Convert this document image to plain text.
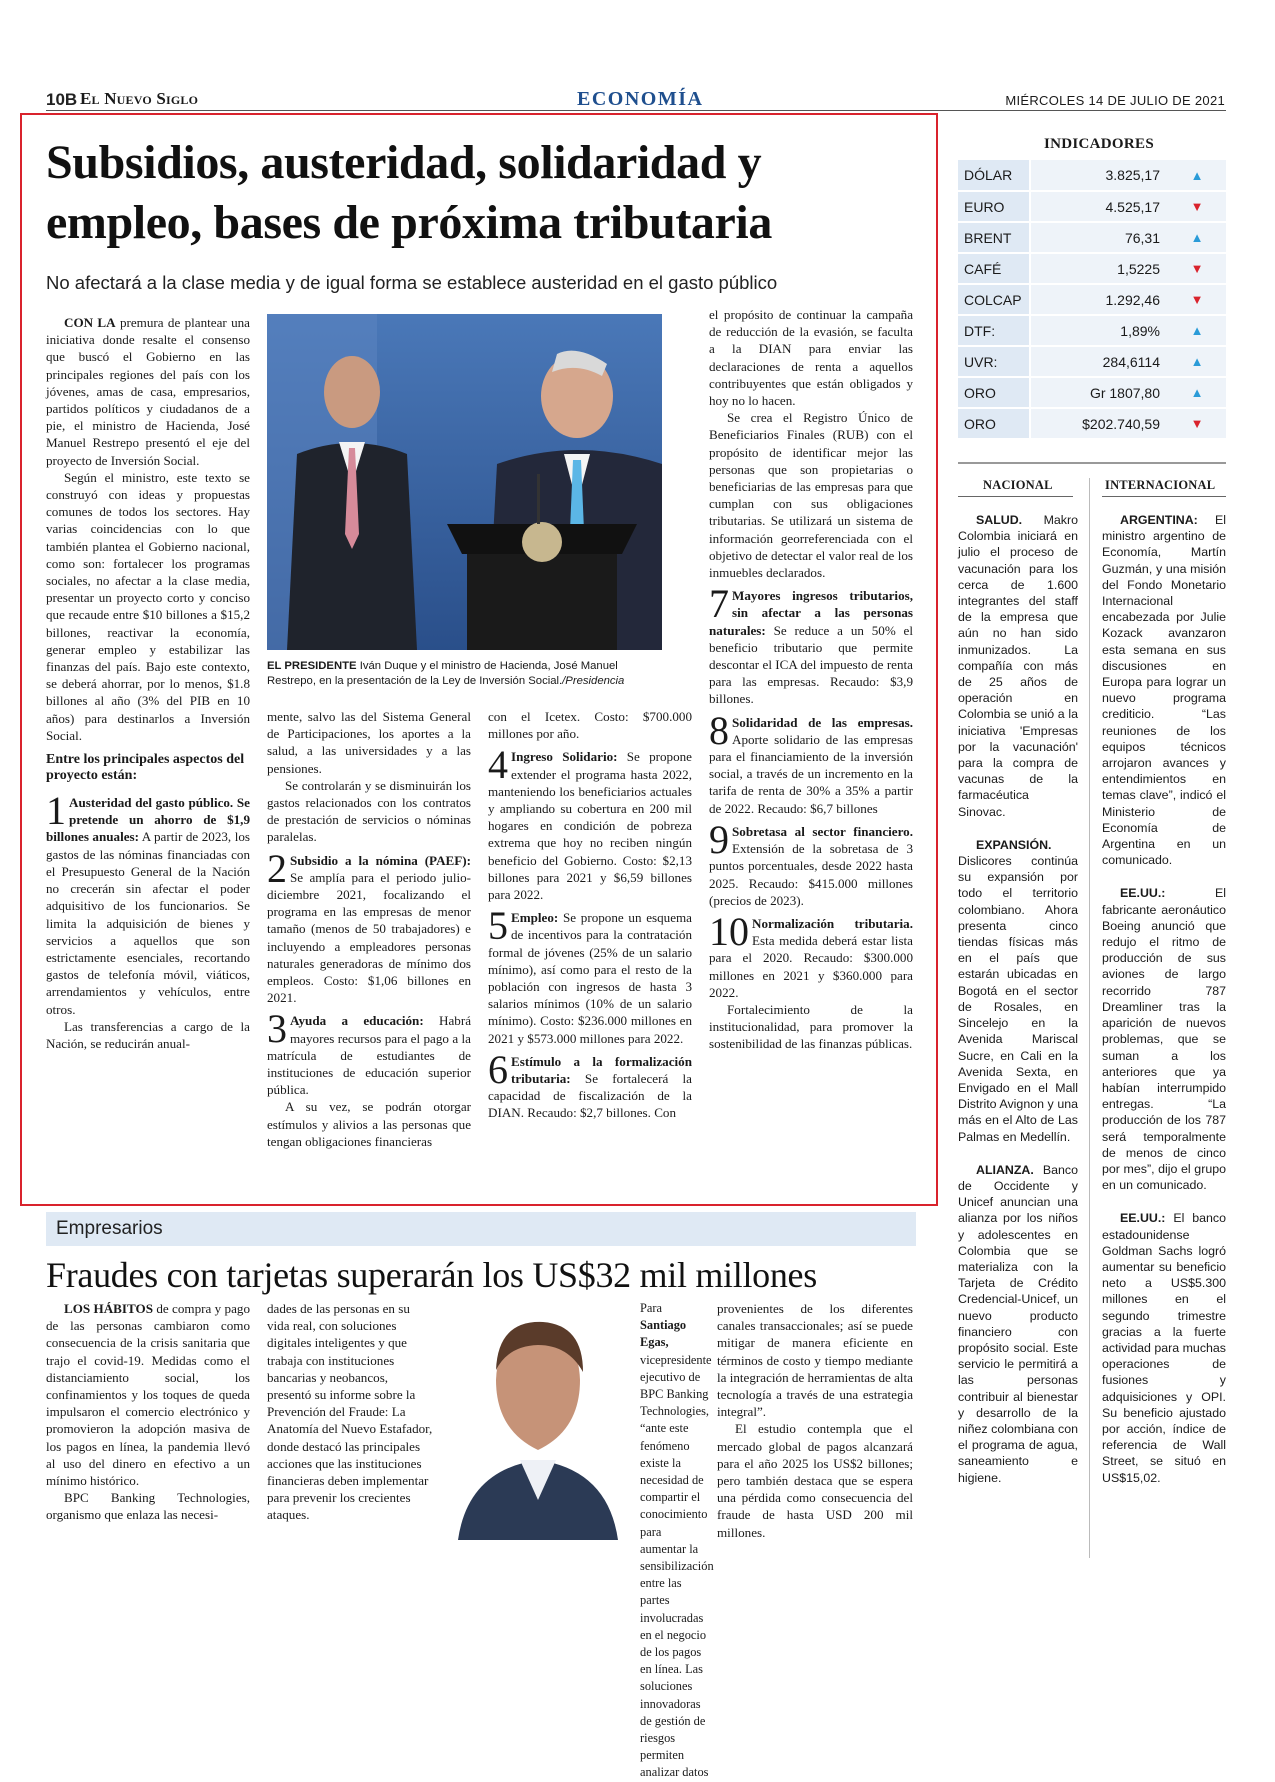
10B El Nuevo Siglo	ECONOMÍA	MIÉRCOLES 14 DE JULIO DE 2021
Subsidios, austeridad, solidaridad y empleo, bases de próxima tributaria
No afectará a la clase media y de igual forma se establece austeridad en el gasto público

CON LA premura de plantear una iniciativa donde resalte el consenso que buscó el Gobierno en las principales regiones del país con los jóvenes, amas de casa, empresarios, partidos políticos y ciudadanos de a pie, el ministro de Hacienda, José Manuel Restrepo presentó el eje del proyecto de Inversión Social.

Según el ministro, este texto se construyó con ideas y propuestas comunes de todos los sectores. Hay varias coincidencias con lo que también plantea el Gobierno nacional, como son: fortalecer los programas sociales, no afectar a la clase media, presentar un proyecto corto y conciso que recaude entre $10 billones a $15,2 billones, reactivar la economía, generar empleo y estabilizar las finanzas del país. Bajo este contexto, se deberá ahorrar, por lo menos, $1.8 billones al año (3% del PIB en 10 años) para destinarlos a Inversión Social.

Entre los principales aspectos del proyecto están:

1 Austeridad del gasto público. Se pretende un ahorro de $1,9 billones anuales: A partir de 2023, los gastos de las nóminas financiadas con el Presupuesto General de la Nación no crecerán sin afectar el poder adquisitivo de los funcionarios. Se limita la adquisición de bienes y servicios a aquellos que son estrictamente esenciales, recortando gastos de telefonía móvil, viáticos, arrendamientos y vehículos, entre otros.

Las transferencias a cargo de la Nación, se reducirán anual-

EL PRESIDENTE Iván Duque y el ministro de Hacienda, José Manuel Restrepo, en la presentación de la Ley de Inversión Social./Presidencia

mente, salvo las del Sistema General de Participaciones, los aportes a la salud, a las universidades y a las pensiones.

Se controlarán y se disminuirán los gastos relacionados con los contratos de prestación de servicios o nóminas paralelas.

2 Subsidio a la nómina (PAEF): Se amplía para el periodo julio-diciembre 2021, focalizando el programa en las empresas de menor tamaño (menos de 50 trabajadores) e incluyendo a empleadores personas naturales generadoras de mínimo dos empleos. Costo: $1,06 billones en 2021.

3 Ayuda a educación: Habrá mayores recursos para el pago a la matrícula de estudiantes de instituciones de educación superior pública.

A su vez, se podrán otorgar estímulos y alivios a las personas que tengan obligaciones financieras

con el Icetex. Costo: $700.000 millones por año.

4 Ingreso Solidario: Se propone extender el programa hasta 2022, manteniendo los beneficiarios actuales y ampliando su cobertura en 200 mil hogares en condición de pobreza extrema que hoy no reciben ningún beneficio del Gobierno. Costo: $2,13 billones para 2021 y $6,59 billones para 2022.

5 Empleo: Se propone un esquema de incentivos para la contratación formal de jóvenes (25% de un salario mínimo), así como para el resto de la población con ingresos de hasta 3 salarios mínimos (10% de un salario mínimo). Costo: $236.000 millones en 2021 y $573.000 millones para 2022.

6 Estímulo a la formalización tributaria: Se fortalecerá la capacidad de fiscalización de la DIAN. Recaudo: $2,7 billones. Con

el propósito de continuar la campaña de reducción de la evasión, se faculta a la DIAN para enviar las declaraciones de renta a aquellos contribuyentes que están obligados y hoy no lo hacen.

Se crea el Registro Único de Beneficiarios Finales (RUB) con el propósito de identificar mejor las personas que son propietarias o beneficiarias de las empresas para que cumplan con sus obligaciones tributarias. Se utilizará un sistema de información georreferenciada con el objetivo de detectar el valor real de los inmuebles declarados.

7 Mayores ingresos tributarios, sin afectar a las personas naturales: Se reduce a un 50% el beneficio tributario que permite descontar el ICA del impuesto de renta para las empresas. Recaudo: $3,9 billones.

8 Solidaridad de las empresas. Aporte solidario de las empresas para el financiamiento de la inversión social, a través de un incremento en la tarifa de renta de 30% a 35% a partir de 2022. Recaudo: $6,7 billones

9 Sobretasa al sector financiero. Extensión de la sobretasa de 3 puntos porcentuales, desde 2022 hasta 2025. Recaudo: $415.000 millones (precios de 2023).

10 Normalización tributaria. Esta medida deberá estar lista para el 2020. Recaudo: $300.000 millones en 2021 y $360.000 para 2022.

Fortalecimiento de la institucionalidad, para promover la sostenibilidad de las finanzas públicas.

INDICADORES
DÓLAR	3.825,17	▲
EURO	4.525,17	▼
BRENT	76,31	▲
CAFÉ	1,5225	▼
COLCAP	1.292,46	▼
DTF:	1,89%	▲
UVR:	284,6114	▲
ORO	Gr 1807,80	▲
ORO	$202.740,59	▼
NACIONAL	INTERNACIONAL

SALUD. Makro Colombia iniciará en julio el proceso de vacunación para los cerca de 1.600 integrantes del staff de la empresa que aún no han sido inmunizados. La compañía con más de 25 años de operación en Colombia se unió a la iniciativa 'Empresas por la vacunación' para la compra de vacunas de la farmacéutica Sinovac.

EXPANSIÓN. Dislicores continúa su expansión por todo el territorio colombiano. Ahora presenta cinco tiendas físicas más en el país que estarán ubicadas en Bogotá en el sector de Rosales, en Sincelejo en la Avenida Mariscal Sucre, en Cali en la Avenida Sexta, en Envigado en el Mall Distrito Avignon y una más en el Alto de Las Palmas en Medellín.

ALIANZA. Banco de Occidente y Unicef anuncian una alianza por los niños y adolescentes en Colombia que se materializa con la Tarjeta de Crédito Credencial-Unicef, un nuevo producto financiero con propósito social. Este servicio le permitirá a las personas contribuir al bienestar y desarrollo de la niñez colombiana con el programa de agua, saneamiento e higiene.

ARGENTINA: El ministro argentino de Economía, Martín Guzmán, y una misión del Fondo Monetario Internacional encabezada por Julie Kozack avanzaron esta semana en sus discusiones en Europa para lograr un nuevo programa crediticio. “Las reuniones de los equipos técnicos arrojaron avances y entendimientos en temas clave”, indicó el Ministerio de Economía de Argentina en un comunicado.

EE.UU.: El fabricante aeronáutico Boeing anunció que redujo el ritmo de producción de sus aviones de largo recorrido 787 Dreamliner tras la aparición de nuevos problemas, que se suman a los anteriores que ya habían interrumpido entregas. “La producción de los 787 será temporalmente de menos de cinco por mes”, dijo el grupo en un comunicado.

EE.UU.: El banco estadounidense Goldman Sachs logró aumentar su beneficio neto a US$5.300 millones en el segundo trimestre gracias a la fuerte actividad para muchas operaciones de fusiones y adquisiciones y OPI. Su beneficio ajustado por acción, índice de referencia de Wall Street, se situó en US$15,02.

Empresarios
Fraudes con tarjetas superarán los US$32 mil millones

LOS HÁBITOS de compra y pago de las personas cambiaron como consecuencia de la crisis sanitaria que trajo el covid-19. Medidas como el distanciamiento social, los confinamientos y los toques de queda impulsaron el comercio electrónico y promovieron la adopción masiva de los pagos en línea, la pandemia llevó al uso del dinero en efectivo a un mínimo histórico.

BPC Banking Technologies, organismo que enlaza las necesi-

dades de las personas en su vida real, con soluciones digitales inteligentes y que trabaja con instituciones bancarias y neobancos, presentó su informe sobre la Prevención del Fraude: La Anatomía del Nuevo Estafador, donde destacó las principales acciones que las instituciones financieras deben implementar para prevenir los crecientes ataques.

Para Santiago Egas, vicepresidente ejecutivo de BPC Banking Technologies, “ante este fenómeno existe la necesidad de compartir el conocimiento para aumentar la sensibilización entre las partes involucradas en el negocio de los pagos en línea. Las soluciones innovadoras de gestión de riesgos permiten analizar datos

provenientes de los diferentes canales transaccionales; así se puede mitigar de manera eficiente en términos de costo y tiempo mediante la integración de herramientas de alta tecnología a través de una estrategia integral”.

El estudio contempla que el mercado global de pagos alcanzará para el año 2025 los US$2 billones; pero también destaca que se espera una pérdida como consecuencia del fraude de hasta USD 200 mil millones.
